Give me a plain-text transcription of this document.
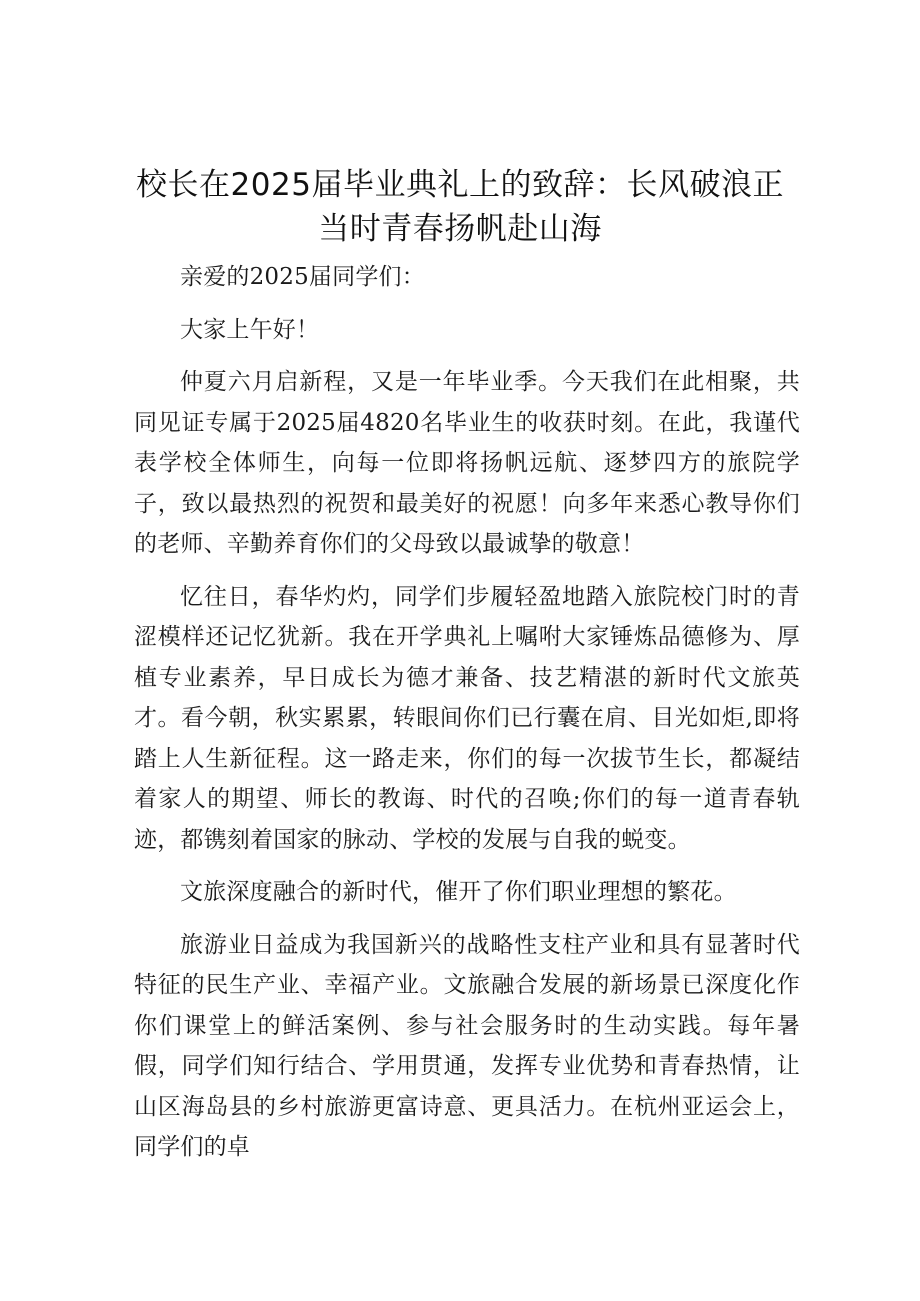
校长在2025届毕业典礼上的致辞：长风破浪正当时青春扬帆赴山海

亲爱的2025届同学们：

大家上午好！

仲夏六月启新程，又是一年毕业季。今天我们在此相聚，共同见证专属于2025届4820名毕业生的收获时刻。在此，我谨代表学校全体师生，向每一位即将扬帆远航、逐梦四方的旅院学子，致以最热烈的祝贺和最美好的祝愿！向多年来悉心教导你们的老师、辛勤养育你们的父母致以最诚挚的敬意！

忆往日，春华灼灼，同学们步履轻盈地踏入旅院校门时的青涩模样还记忆犹新。我在开学典礼上嘱咐大家锤炼品德修为、厚植专业素养，早日成长为德才兼备、技艺精湛的新时代文旅英才。看今朝，秋实累累，转眼间你们已行囊在肩、目光如炬,即将踏上人生新征程。这一路走来，你们的每一次拔节生长，都凝结着家人的期望、师长的教诲、时代的召唤;你们的每一道青春轨迹，都镌刻着国家的脉动、学校的发展与自我的蜕变。

文旅深度融合的新时代，催开了你们职业理想的繁花。

旅游业日益成为我国新兴的战略性支柱产业和具有显著时代特征的民生产业、幸福产业。文旅融合发展的新场景已深度化作你们课堂上的鲜活案例、参与社会服务时的生动实践。每年暑假，同学们知行结合、学用贯通，发挥专业优势和青春热情，让山区海岛县的乡村旅游更富诗意、更具活力。在杭州亚运会上，同学们的卓
